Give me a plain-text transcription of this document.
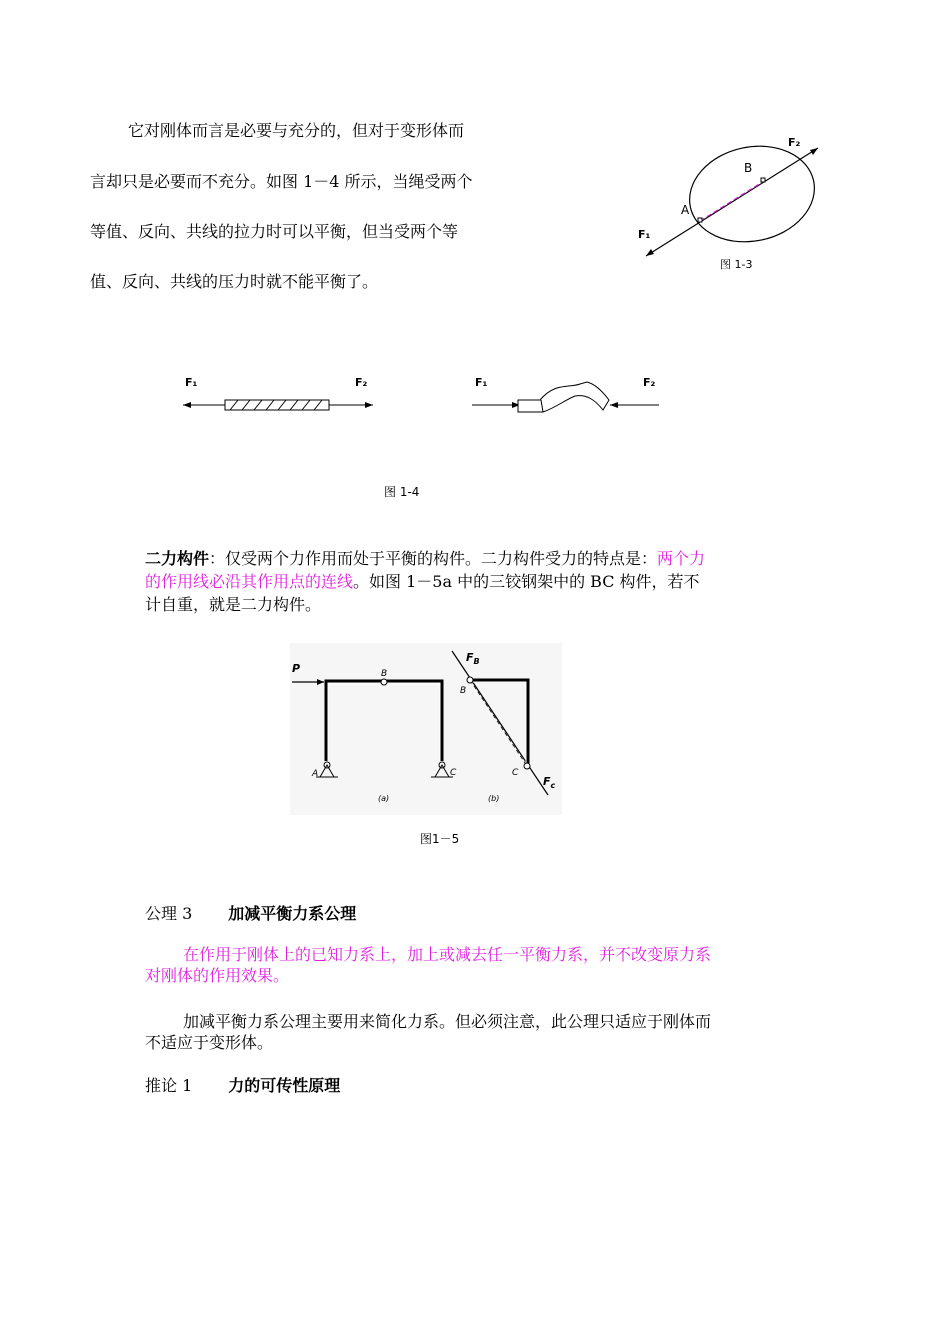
它对刚体而言是必要与充分的，但对于变形体而
言却只是必要而不充分。如图 1－4 所示，当绳受两个
等值、反向、共线的拉力时可以平衡，但当受两个等
值、反向、共线的压力时就不能平衡了。
A
B
F₁
F₂
图 1-3
F₁	F₂	F₁	F₂
图 1-4
二力构件：仅受两个力作用而处于平衡的构件。二力构件受力的特点是：两个力
的作用线必沿其作用点的连线。如图 1－5a 中的三铰钢架中的 BC 构件，若不
计自重，就是二力构件。
P	B
A	C
(a)	(b)
B
C
$F_B$
$F_c$
图1－5
公理 3 加减平衡力系公理
在作用于刚体上的已知力系上，加上或减去任一平衡力系，并不改变原力系
对刚体的作用效果。
加减平衡力系公理主要用来简化力系。但必须注意，此公理只适应于刚体而
不适应于变形体。
推论 1 力的可传性原理
